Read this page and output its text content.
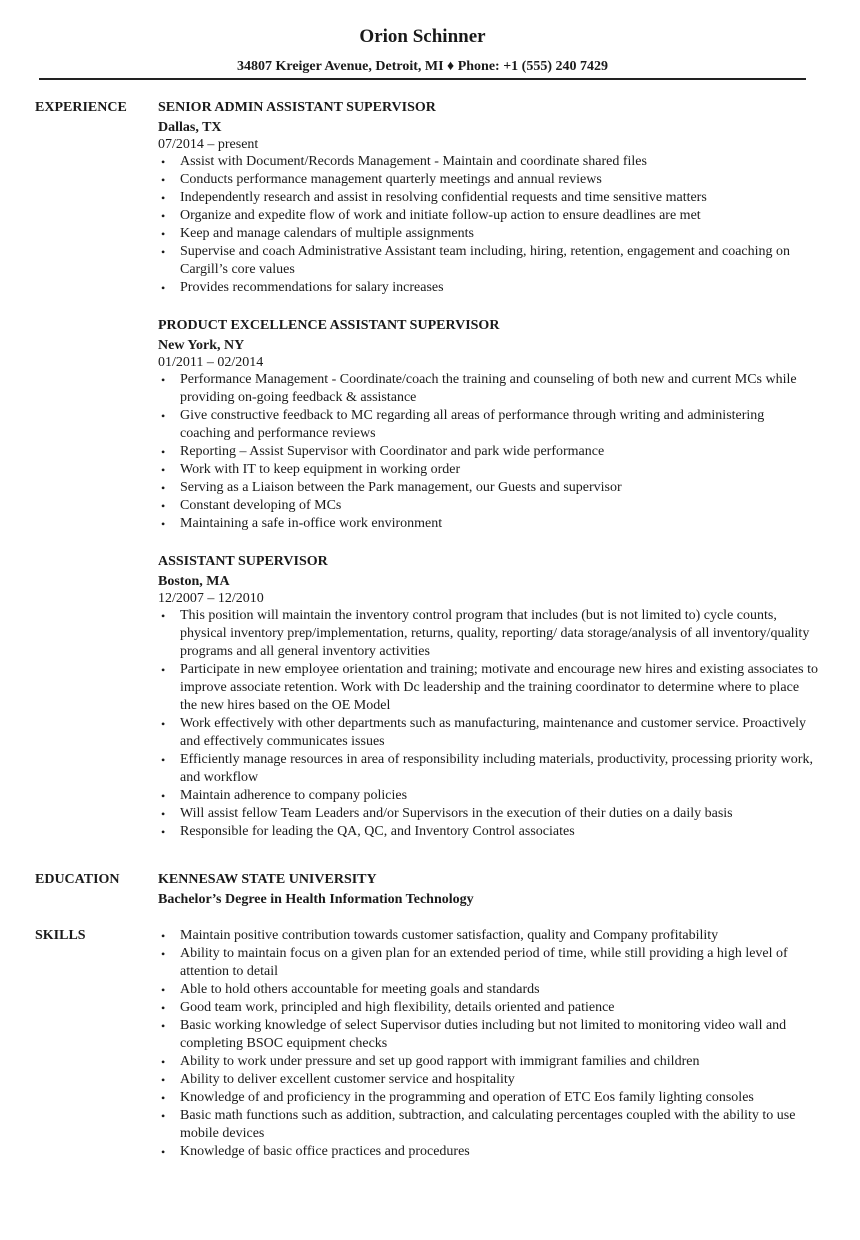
Orion Schinner
34807 Kreiger Avenue, Detroit, MI ♦ Phone: +1 (555) 240 7429
EXPERIENCE SENIOR ADMIN ASSISTANT SUPERVISOR
Dallas, TX
07/2014 – present
• Assist with Document/Records Management - Maintain and coordinate shared files
• Conducts performance management quarterly meetings and annual reviews
• Independently research and assist in resolving confidential requests and time sensitive matters
• Organize and expedite flow of work and initiate follow-up action to ensure deadlines are met
• Keep and manage calendars of multiple assignments
• Supervise and coach Administrative Assistant team including, hiring, retention, engagement and coaching on Cargill’s core values
• Provides recommendations for salary increases
PRODUCT EXCELLENCE ASSISTANT SUPERVISOR
New York, NY
01/2011 – 02/2014
• Performance Management - Coordinate/coach the training and counseling of both new and current MCs while providing on-going feedback & assistance
• Give constructive feedback to MC regarding all areas of performance through writing and administering coaching and performance reviews
• Reporting – Assist Supervisor with Coordinator and park wide performance
• Work with IT to keep equipment in working order
• Serving as a Liaison between the Park management, our Guests and supervisor
• Constant developing of MCs
• Maintaining a safe in-office work environment
ASSISTANT SUPERVISOR
Boston, MA
12/2007 – 12/2010
• This position will maintain the inventory control program that includes (but is not limited to) cycle counts, physical inventory prep/implementation, returns, quality, reporting/ data storage/analysis of all inventory/quality programs and all general inventory activities
• Participate in new employee orientation and training; motivate and encourage new hires and existing associates to improve associate retention. Work with Dc leadership and the training coordinator to determine where to place the new hires based on the OE Model
• Work effectively with other departments such as manufacturing, maintenance and customer service. Proactively and effectively communicates issues
• Efficiently manage resources in area of responsibility including materials, productivity, processing priority work, and workflow
• Maintain adherence to company policies
• Will assist fellow Team Leaders and/or Supervisors in the execution of their duties on a daily basis
• Responsible for leading the QA, QC, and Inventory Control associates
EDUCATION	KENNESAW STATE UNIVERSITY
Bachelor’s Degree in Health Information Technology
SKILLS	• Maintain positive contribution towards customer satisfaction, quality and Company profitability
• Ability to maintain focus on a given plan for an extended period of time, while still providing a high level of attention to detail
• Able to hold others accountable for meeting goals and standards
• Good team work, principled and high flexibility, details oriented and patience
• Basic working knowledge of select Supervisor duties including but not limited to monitoring video wall and completing BSOC equipment checks
• Ability to work under pressure and set up good rapport with immigrant families and children
• Ability to deliver excellent customer service and hospitality
• Knowledge of and proficiency in the programming and operation of ETC Eos family lighting consoles
• Basic math functions such as addition, subtraction, and calculating percentages coupled with the ability to use mobile devices
• Knowledge of basic office practices and procedures
